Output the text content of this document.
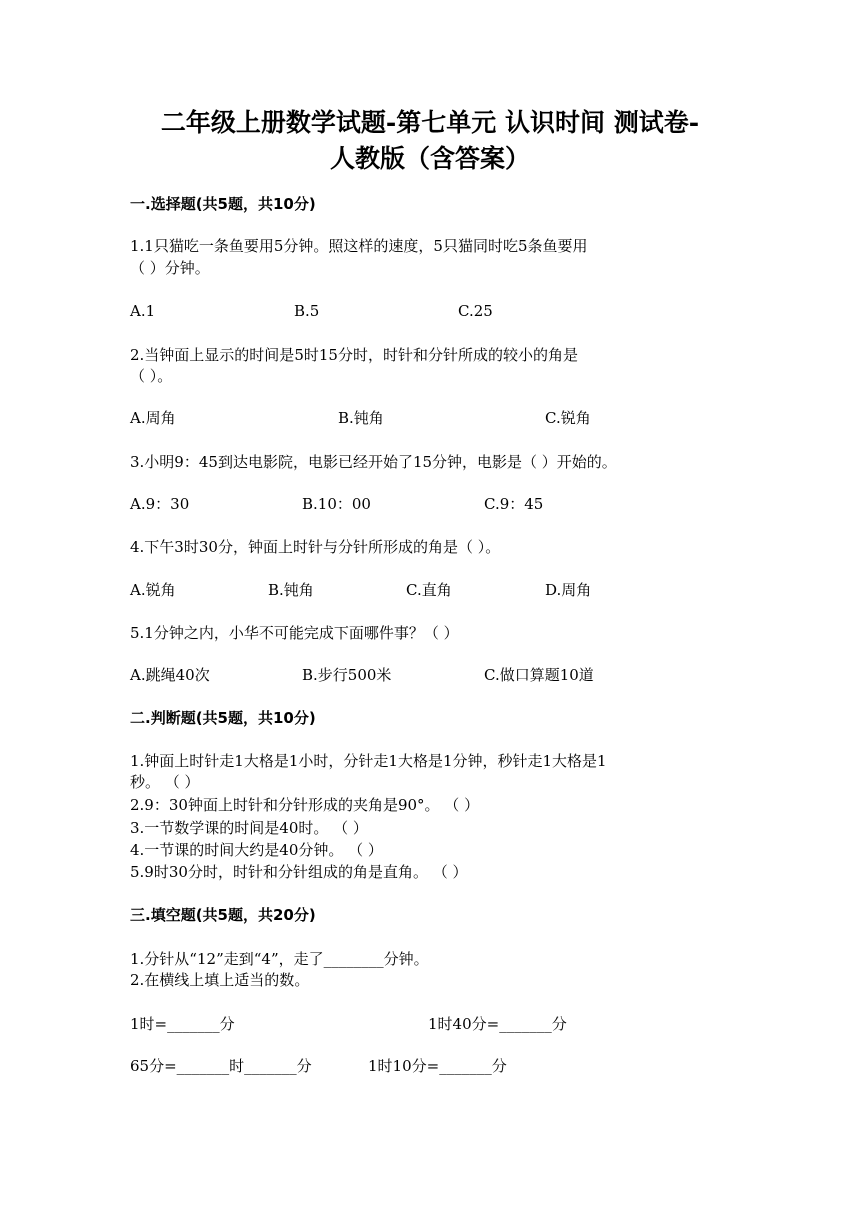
二年级上册数学试题-第七单元 认识时间 测试卷-
人教版（含答案）
一.选择题(共5题，共10分)
1.1只猫吃一条鱼要用5分钟。照这样的速度，5只猫同时吃5条鱼要用
（ ）分钟。
A.1	B.5	C.25
2.当钟面上显示的时间是5时15分时，时针和分针所成的较小的角是
（ ）。
A.周角	B.钝角	C.锐角
3.小明9：45到达电影院，电影已经开始了15分钟，电影是（ ）开始的。
A.9：30	B.10：00	C.9：45
4.下午3时30分，钟面上时针与分针所形成的角是（ ）。
A.锐角	B.钝角	C.直角	D.周角
5.1分钟之内，小华不可能完成下面哪件事？（ ）
A.跳绳40次	B.步行500米	C.做口算题10道
二.判断题(共5题，共10分)
1.钟面上时针走1大格是1小时，分针走1大格是1分钟，秒针走1大格是1
秒。 （ ）
2.9：30钟面上时针和分针形成的夹角是90°。 （ ）
3.一节数学课的时间是40时。 （ ）
4.一节课的时间大约是40分钟。 （ ）
5.9时30分时，时针和分针组成的角是直角。 （ ）
三.填空题(共5题，共20分)
1.分针从“12”走到“4”，走了________分钟。
2.在横线上填上适当的数。
1时=_______分	1时40分=_______分
65分=_______时_______分	1时10分=_______分
